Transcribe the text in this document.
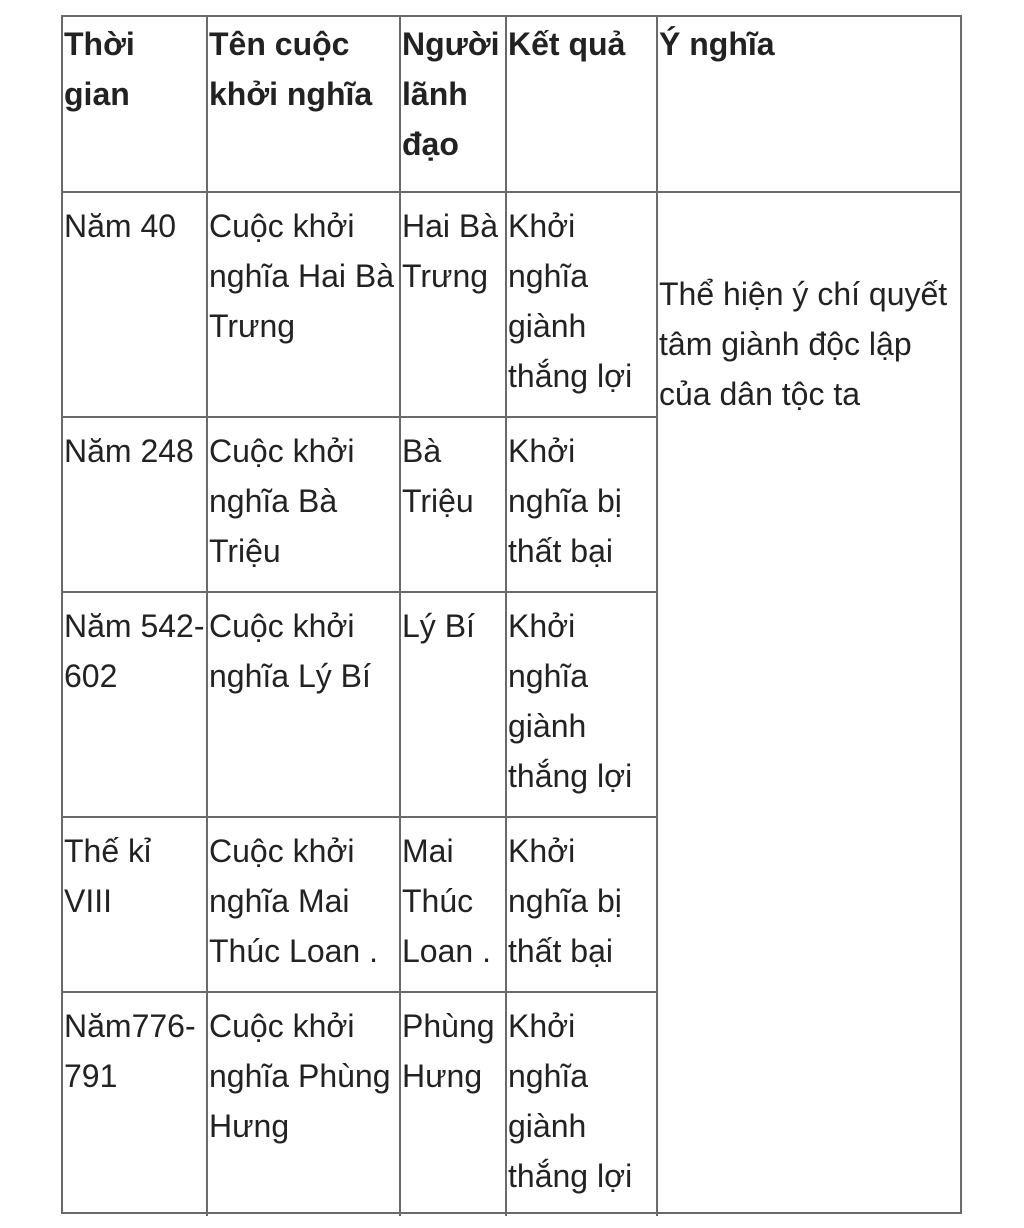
Thời gian	Tên cuộc khởi nghĩa	Người lãnh đạo	Kết quả	Ý nghĩa
Năm 40	Cuộc khởi nghĩa Hai Bà Trưng	Hai Bà Trưng	Khởi nghĩa giành thắng lợi	Thể hiện ý chí quyết tâm giành độc lập của dân tộc ta
Năm 248	Cuộc khởi nghĩa Bà Triệu	Bà Triệu	Khởi nghĩa bị thất bại	
Năm 542-602	Cuộc khởi nghĩa Lý Bí	Lý Bí	Khởi nghĩa giành thắng lợi	
Thế kỉ VIII	Cuộc khởi nghĩa Mai Thúc Loan .	Mai Thúc Loan .	Khởi nghĩa bị thất bại	
Năm776-791	Cuộc khởi nghĩa Phùng Hưng	Phùng Hưng	Khởi nghĩa giành thắng lợi	
